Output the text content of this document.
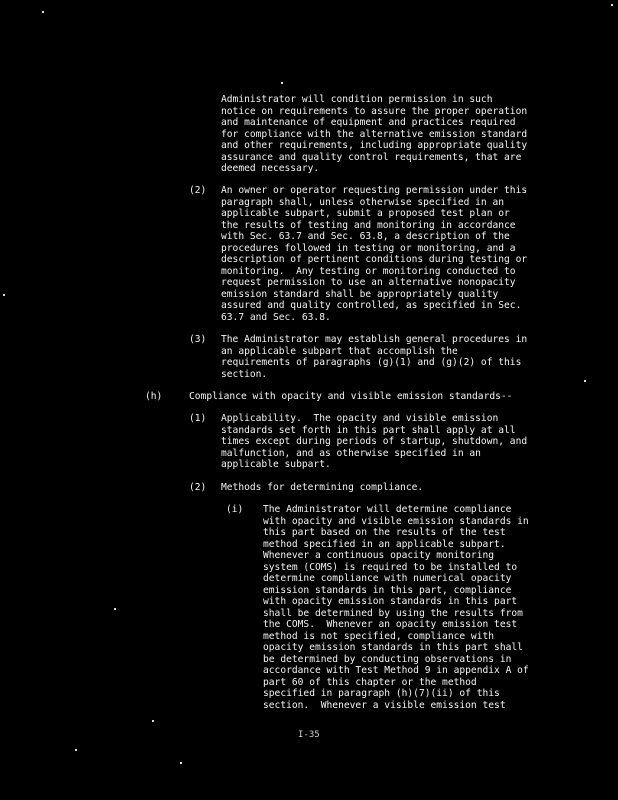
Administrator will condition permission in such
notice on requirements to assure the proper operation
and maintenance of equipment and practices required
for compliance with the alternative emission standard
and other requirements, including appropriate quality
assurance and quality control requirements, that are
deemed necessary.
(2) An owner or operator requesting permission under this
paragraph shall, unless otherwise specified in an
applicable subpart, submit a proposed test plan or
the results of testing and monitoring in accordance
with Sec. 63.7 and Sec. 63.8, a description of the
procedures followed in testing or monitoring, and a
description of pertinent conditions during testing or
monitoring.  Any testing or monitoring conducted to
request permission to use an alternative nonopacity
emission standard shall be appropriately quality
assured and quality controlled, as specified in Sec.
63.7 and Sec. 63.8.
(3) The Administrator may establish general procedures in
an applicable subpart that accomplish the
requirements of paragraphs (g)(1) and (g)(2) of this
section.
(h)	Compliance with opacity and visible emission standards--
(1) Applicability.  The opacity and visible emission
standards set forth in this part shall apply at all
times except during periods of startup, shutdown, and
malfunction, and as otherwise specified in an
applicable subpart.
(2) Methods for determining compliance.
(i) The Administrator will determine compliance
with opacity and visible emission standards in
this part based on the results of the test
method specified in an applicable subpart.
Whenever a continuous opacity monitoring
system (COMS) is required to be installed to
determine compliance with numerical opacity
emission standards in this part, compliance
with opacity emission standards in this part
shall be determined by using the results from
the COMS.  Whenever an opacity emission test
method is not specified, compliance with
opacity emission standards in this part shall
be determined by conducting observations in
accordance with Test Method 9 in appendix A of
part 60 of this chapter or the method
specified in paragraph (h)(7)(ii) of this
section.  Whenever a visible emission test
I-35
